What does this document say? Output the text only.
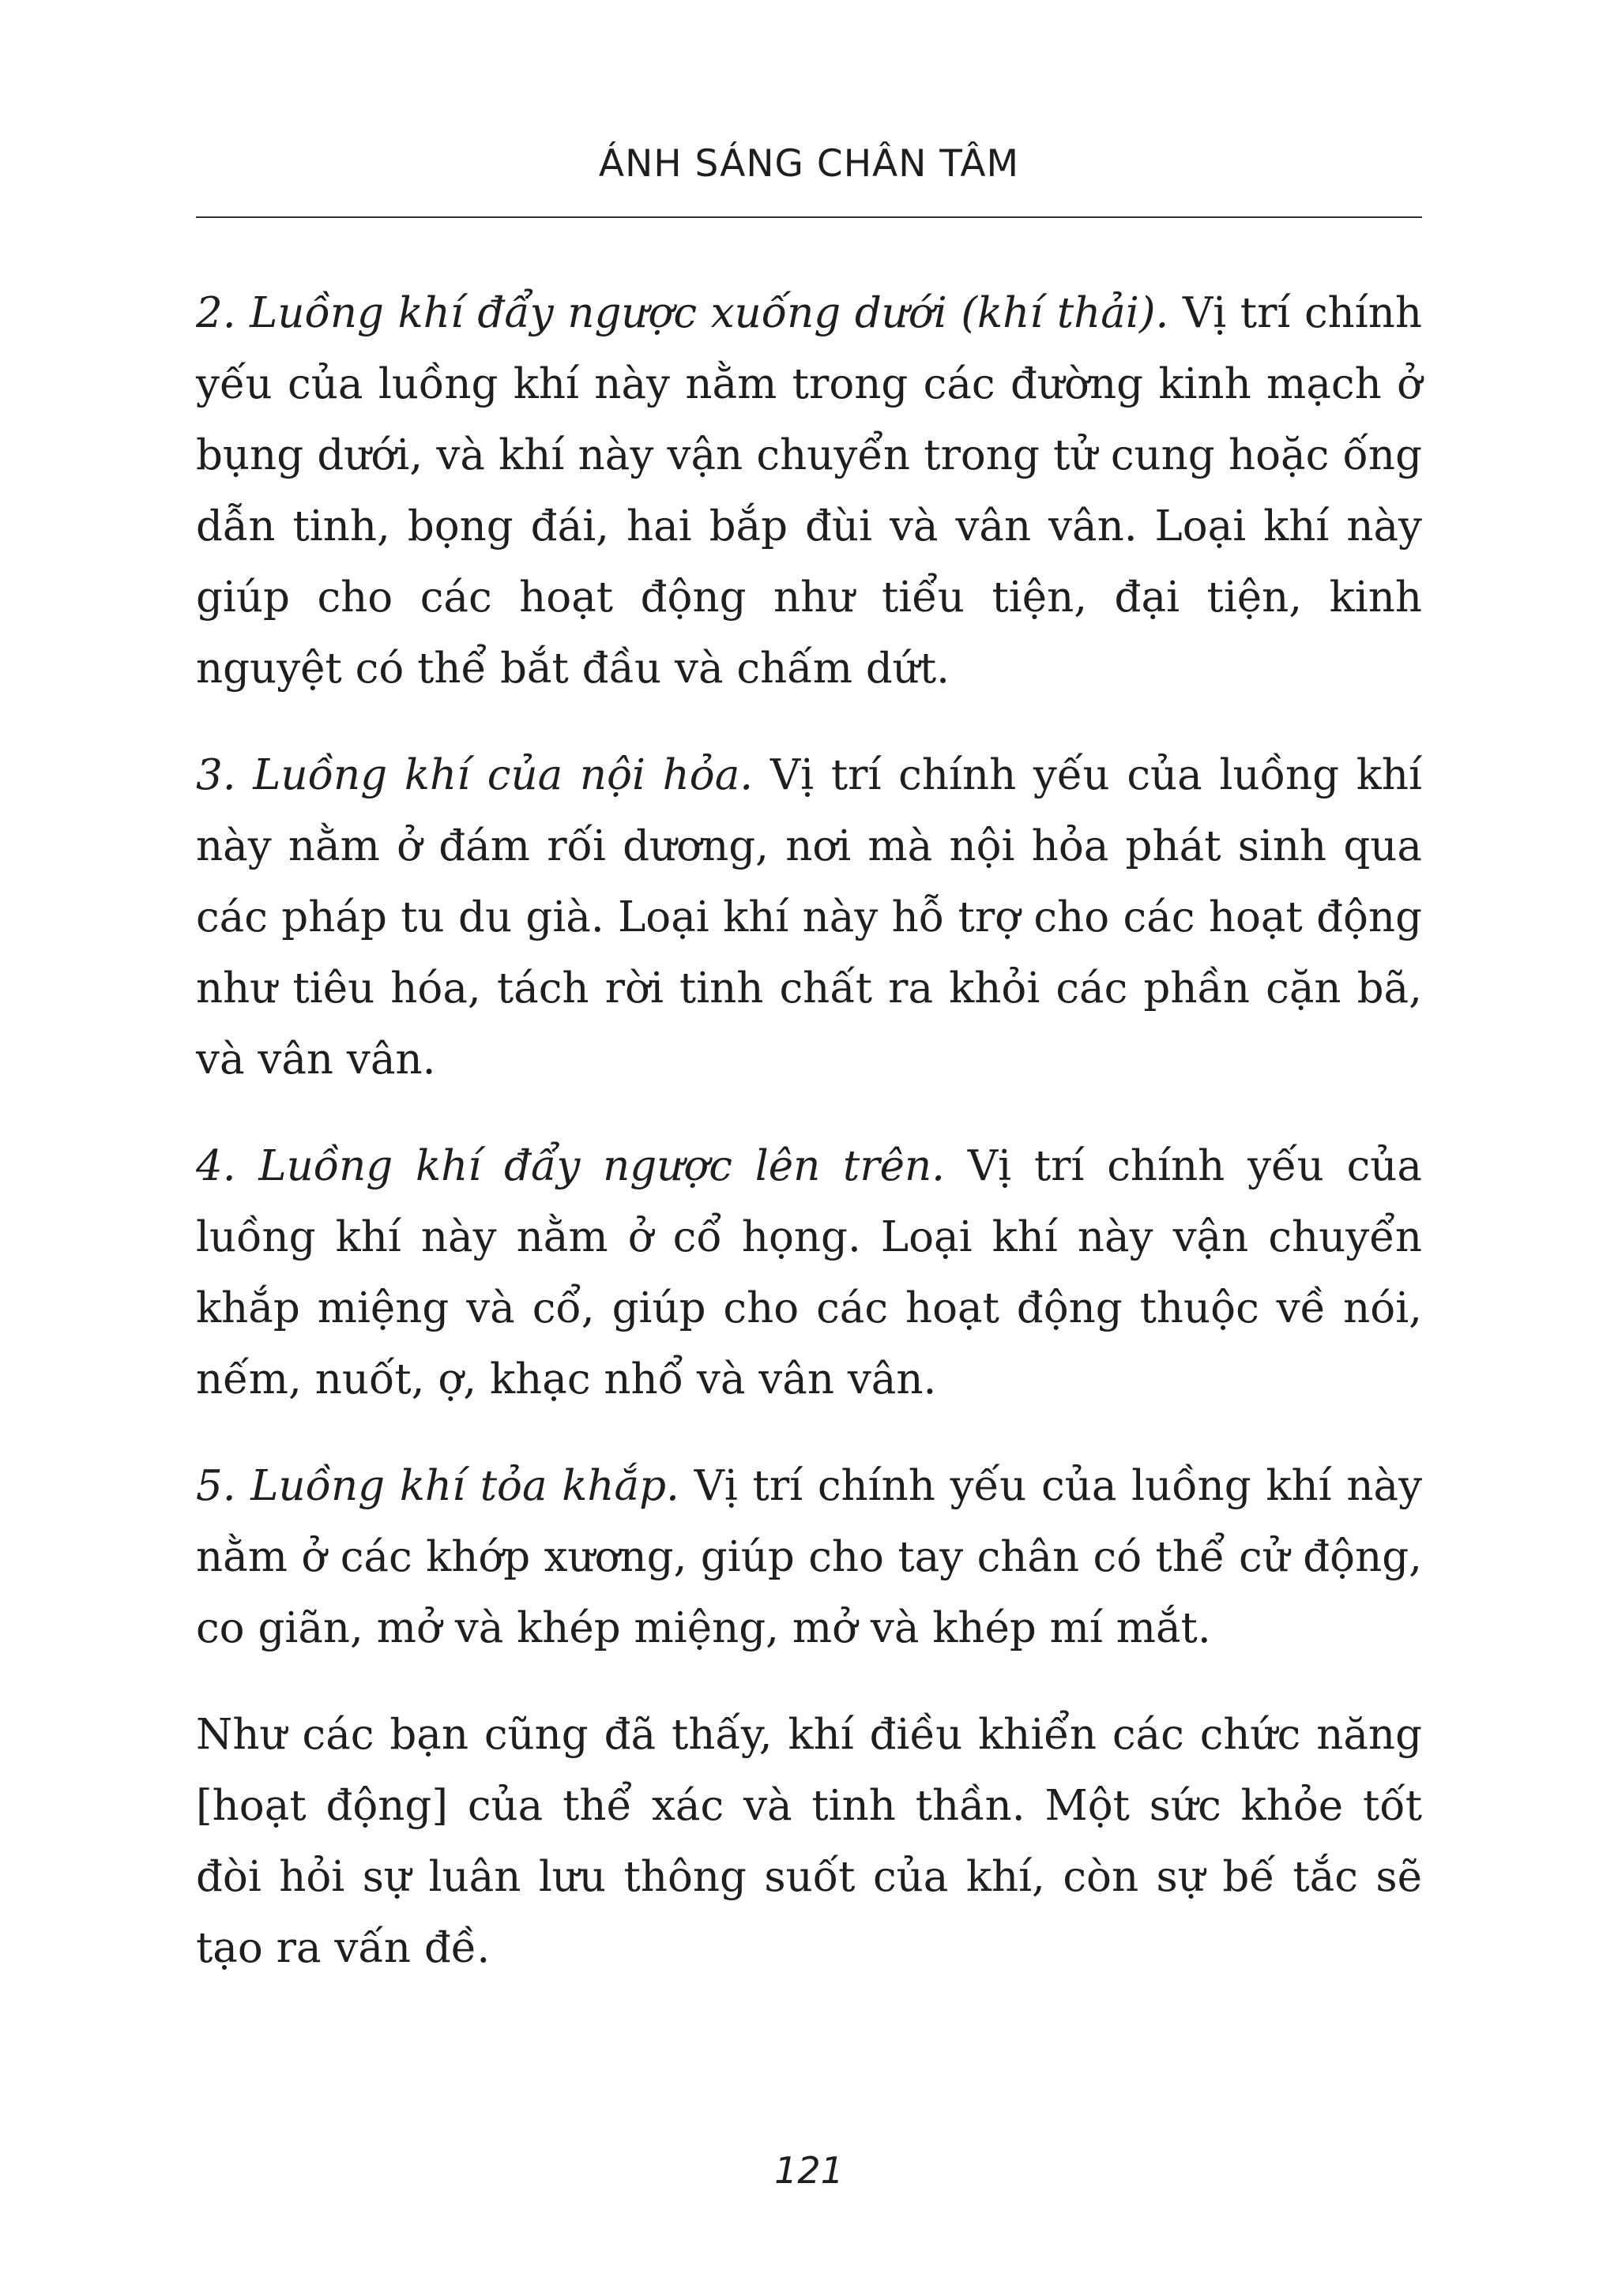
ÁNH SÁNG CHÂN TÂM

2. Luồng khí đẩy ngược xuống dưới (khí thải). Vị trí chính yếu của luồng khí này nằm trong các đường kinh mạch ở bụng dưới, và khí này vận chuyển trong tử cung hoặc ống dẫn tinh, bọng đái, hai bắp đùi và vân vân. Loại khí này giúp cho các hoạt động như tiểu tiện, đại tiện, kinh nguyệt có thể bắt đầu và chấm dứt.

3. Luồng khí của nội hỏa. Vị trí chính yếu của luồng khí này nằm ở đám rối dương, nơi mà nội hỏa phát sinh qua các pháp tu du già. Loại khí này hỗ trợ cho các hoạt động như tiêu hóa, tách rời tinh chất ra khỏi các phần cặn bã, và vân vân.

4. Luồng khí đẩy ngược lên trên. Vị trí chính yếu của luồng khí này nằm ở cổ họng. Loại khí này vận chuyển khắp miệng và cổ, giúp cho các hoạt động thuộc về nói, nếm, nuốt, ợ, khạc nhổ và vân vân.

5. Luồng khí tỏa khắp. Vị trí chính yếu của luồng khí này nằm ở các khớp xương, giúp cho tay chân có thể cử động, co giãn, mở và khép miệng, mở và khép mí mắt.

Như các bạn cũng đã thấy, khí điều khiển các chức năng [hoạt động] của thể xác và tinh thần. Một sức khỏe tốt đòi hỏi sự luân lưu thông suốt của khí, còn sự bế tắc sẽ tạo ra vấn đề.

121
